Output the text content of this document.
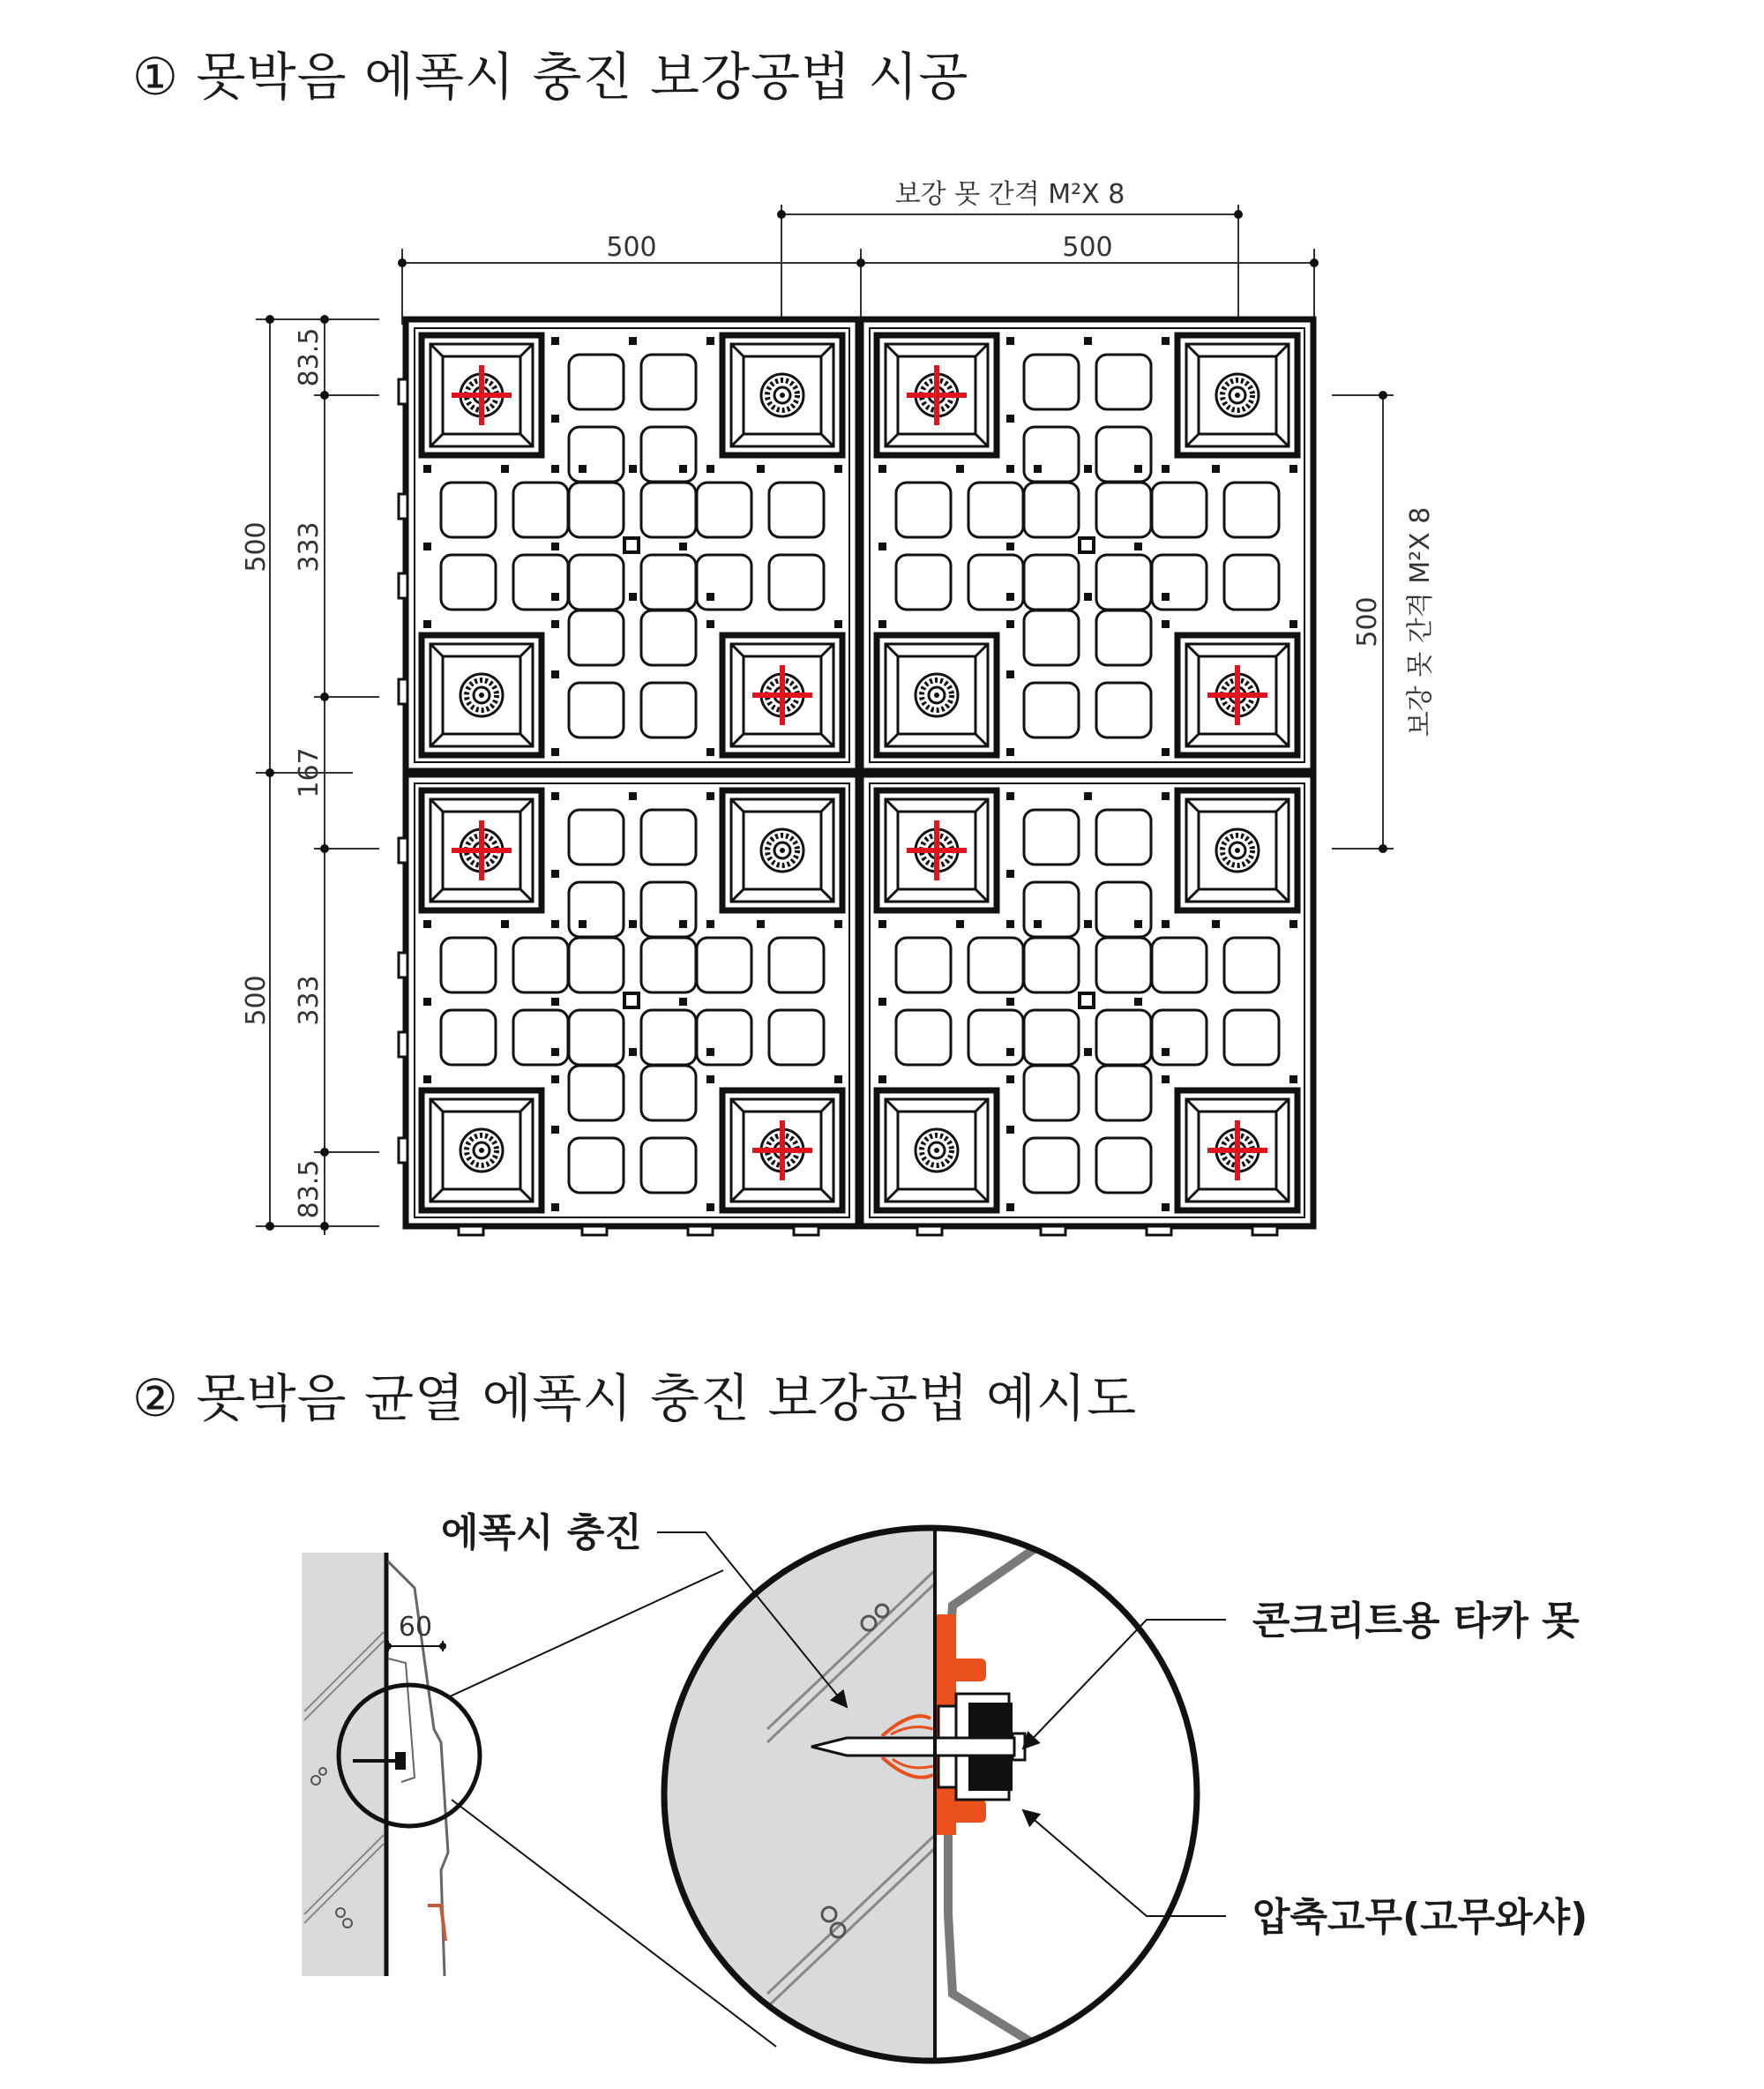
① 못박음 에폭시 충진 보강공법 시공
② 못박음 균열 에폭시 충진 보강공법 예시도
500	500
보강 못 간격 M²X 8
500
500
83.5
333
167
333
83.5
500 보강 못 간격 M²X 8
60
에폭시 충진
콘크리트용 타카 못
압축고무(고무와샤)
